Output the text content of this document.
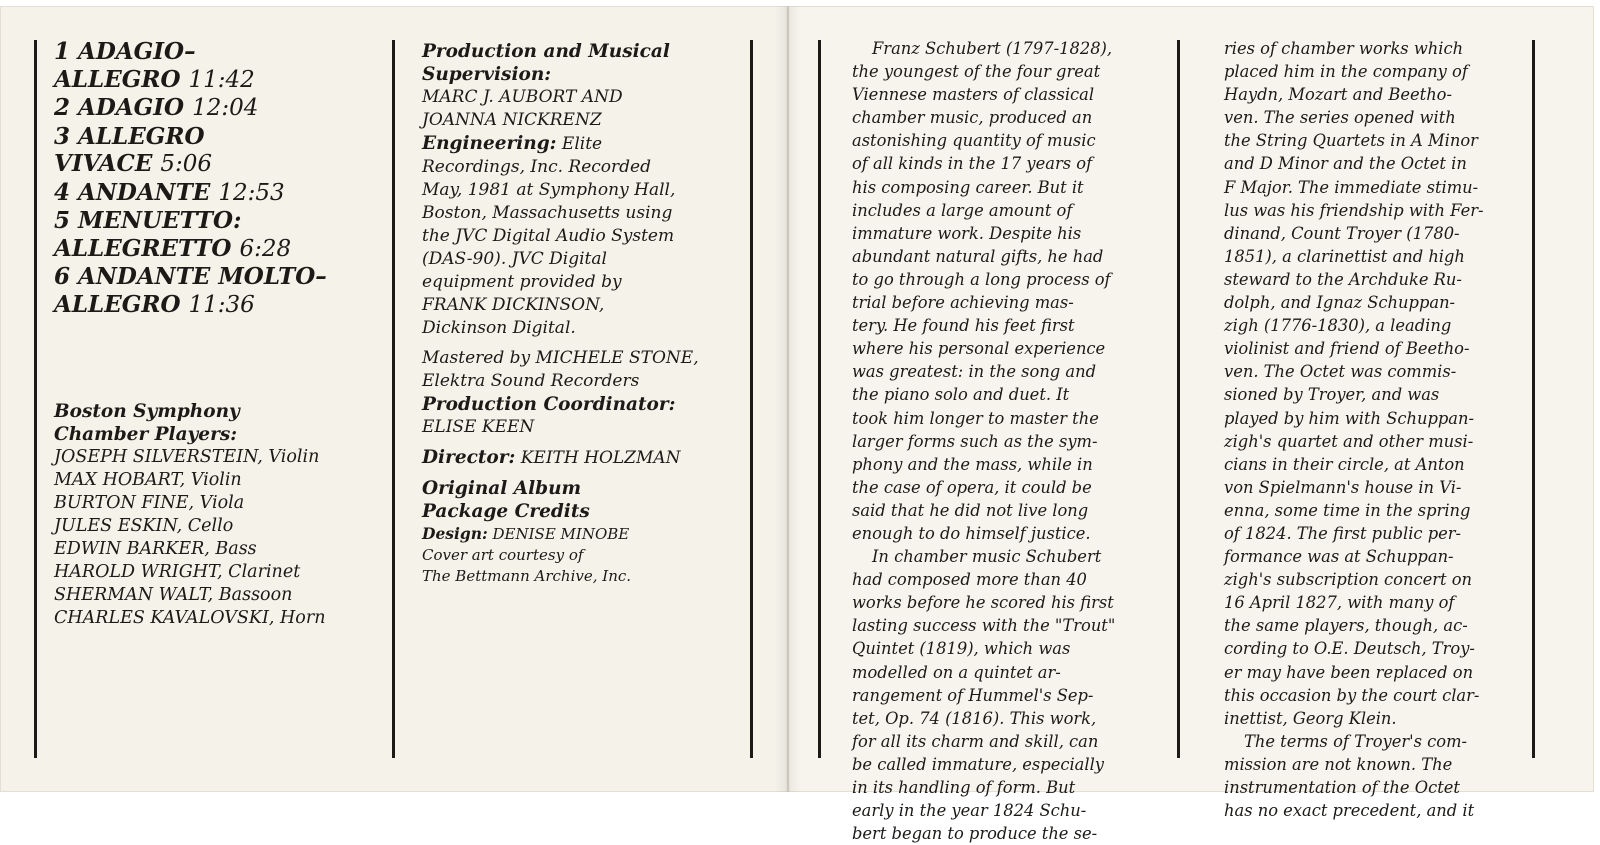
1 ADAGIO–
ALLEGRO 11:42
2 ADAGIO 12:04
3 ALLEGRO
VIVACE 5:06
4 ANDANTE 12:53
5 MENUETTO:
ALLEGRETTO 6:28
6 ANDANTE MOLTO–
ALLEGRO 11:36
Boston Symphony
Chamber Players:
JOSEPH SILVERSTEIN, Violin
MAX HOBART, Violin
BURTON FINE, Viola
JULES ESKIN, Cello
EDWIN BARKER, Bass
HAROLD WRIGHT, Clarinet
SHERMAN WALT, Bassoon
CHARLES KAVALOVSKI, Horn
Production and Musical
Supervision:
MARC J. AUBORT AND
JOANNA NICKRENZ
Engineering: Elite
Recordings, Inc. Recorded
May, 1981 at Symphony Hall,
Boston, Massachusetts using
the JVC Digital Audio System
(DAS-90). JVC Digital
equipment provided by
FRANK DICKINSON,
Dickinson Digital.
Mastered by MICHELE STONE,
Elektra Sound Recorders
Production Coordinator:
ELISE KEEN
Director: KEITH HOLZMAN
Original Album
Package Credits
Design: DENISE MINOBE
Cover art courtesy of
The Bettmann Archive, Inc.
Franz Schubert (1797-1828),
the youngest of the four great
Viennese masters of classical
chamber music, produced an
astonishing quantity of music
of all kinds in the 17 years of
his composing career. But it
includes a large amount of
immature work. Despite his
abundant natural gifts, he had
to go through a long process of
trial before achieving mas-
tery. He found his feet first
where his personal experience
was greatest: in the song and
the piano solo and duet. It
took him longer to master the
larger forms such as the sym-
phony and the mass, while in
the case of opera, it could be
said that he did not live long
enough to do himself justice.
In chamber music Schubert
had composed more than 40
works before he scored his first
lasting success with the "Trout"
Quintet (1819), which was
modelled on a quintet ar-
rangement of Hummel's Sep-
tet, Op. 74 (1816). This work,
for all its charm and skill, can
be called immature, especially
in its handling of form. But
early in the year 1824 Schu-
bert began to produce the se-
ries of chamber works which
placed him in the company of
Haydn, Mozart and Beetho-
ven. The series opened with
the String Quartets in A Minor
and D Minor and the Octet in
F Major. The immediate stimu-
lus was his friendship with Fer-
dinand, Count Troyer (1780-
1851), a clarinettist and high
steward to the Archduke Ru-
dolph, and Ignaz Schuppan-
zigh (1776-1830), a leading
violinist and friend of Beetho-
ven. The Octet was commis-
sioned by Troyer, and was
played by him with Schuppan-
zigh's quartet and other musi-
cians in their circle, at Anton
von Spielmann's house in Vi-
enna, some time in the spring
of 1824. The first public per-
formance was at Schuppan-
zigh's subscription concert on
16 April 1827, with many of
the same players, though, ac-
cording to O.E. Deutsch, Troy-
er may have been replaced on
this occasion by the court clar-
inettist, Georg Klein.
The terms of Troyer's com-
mission are not known. The
instrumentation of the Octet
has no exact precedent, and it
